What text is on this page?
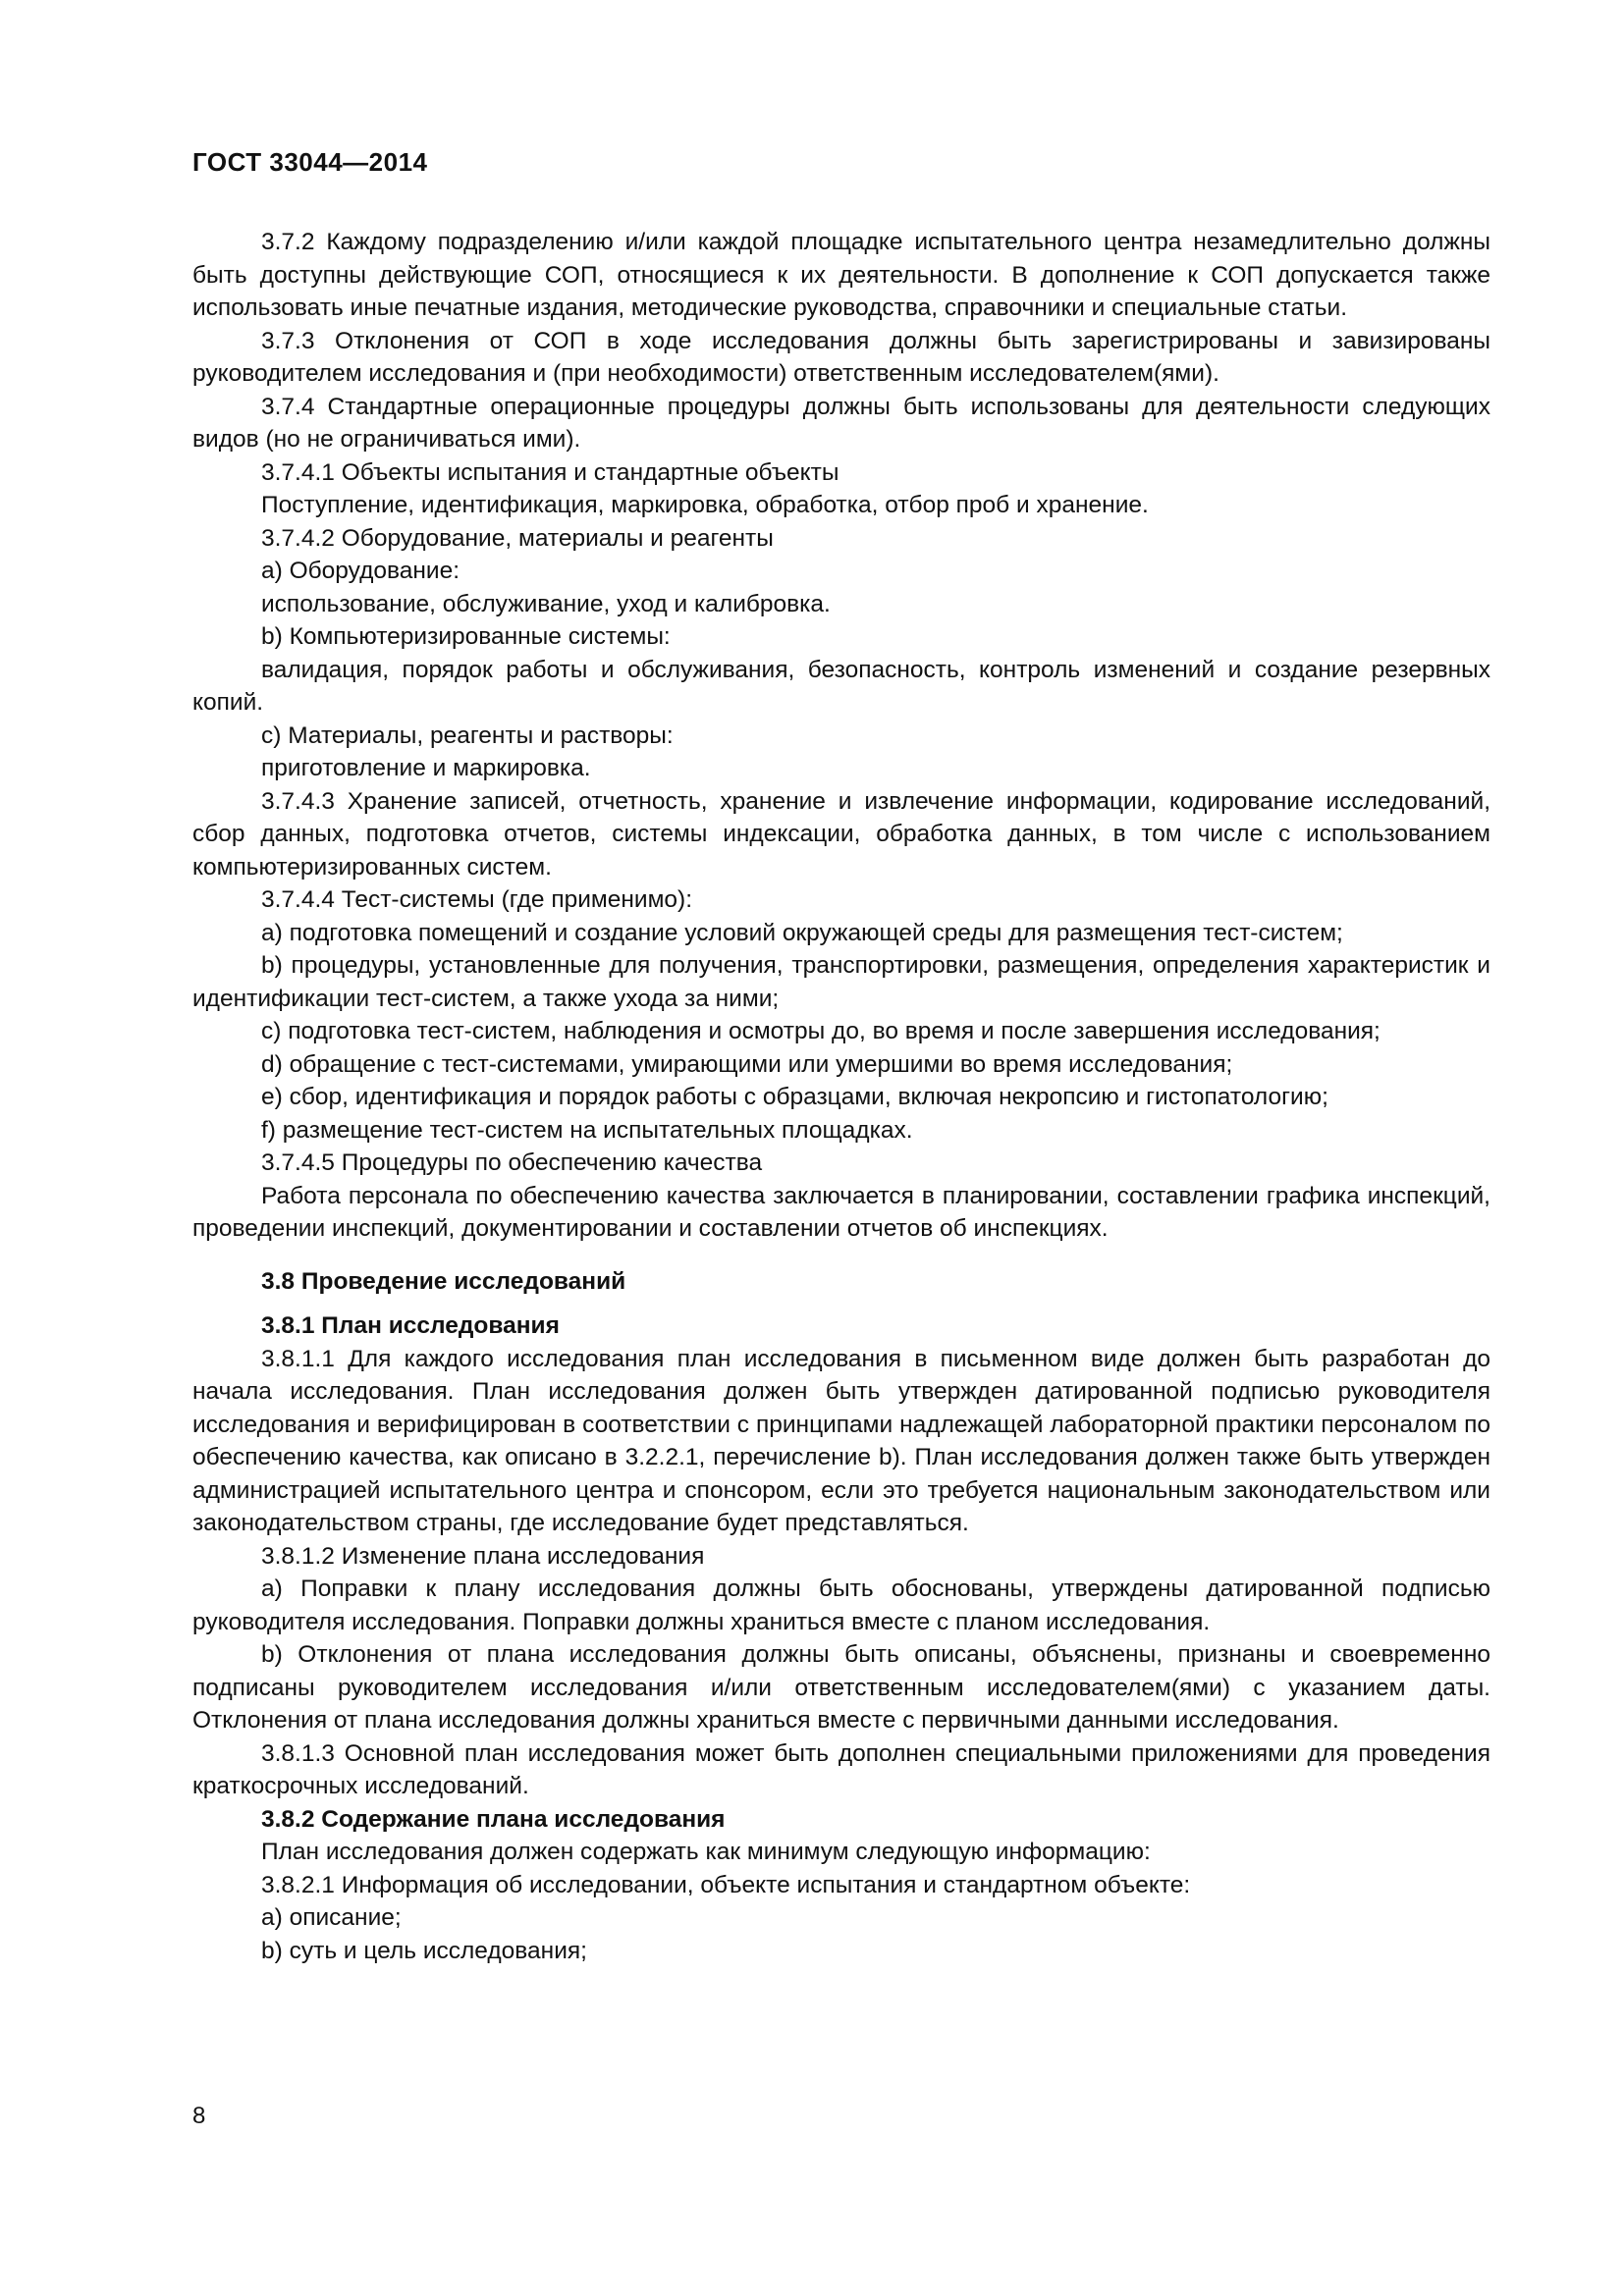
ГОСТ 33044—2014

3.7.2 Каждому подразделению и/или каждой площадке испытательного центра незамедлительно должны быть доступны действующие СОП, относящиеся к их деятельности. В дополнение к СОП допускается также использовать иные печатные издания, методические руководства, справочники и специальные статьи.

3.7.3 Отклонения от СОП в ходе исследования должны быть зарегистрированы и завизированы руководителем исследования и (при необходимости) ответственным исследователем(ями).

3.7.4 Стандартные операционные процедуры должны быть использованы для деятельности следующих видов (но не ограничиваться ими).

3.7.4.1 Объекты испытания и стандартные объекты

Поступление, идентификация, маркировка, обработка, отбор проб и хранение.

3.7.4.2 Оборудование, материалы и реагенты

a) Оборудование:

использование, обслуживание, уход и калибровка.

b) Компьютеризированные системы:

валидация, порядок работы и обслуживания, безопасность, контроль изменений и создание резервных копий.

c) Материалы, реагенты и растворы:

приготовление и маркировка.

3.7.4.3 Хранение записей, отчетность, хранение и извлечение информации, кодирование исследований, сбор данных, подготовка отчетов, системы индексации, обработка данных, в том числе с использованием компьютеризированных систем.

3.7.4.4 Тест-системы (где применимо):

a) подготовка помещений и создание условий окружающей среды для размещения тест-систем;

b) процедуры, установленные для получения, транспортировки, размещения, определения характеристик и идентификации тест-систем, а также ухода за ними;

c) подготовка тест-систем, наблюдения и осмотры до, во время и после завершения исследования;

d) обращение с тест-системами, умирающими или умершими во время исследования;

e) сбор, идентификация и порядок работы с образцами, включая некропсию и гистопатологию;

f) размещение тест-систем на испытательных площадках.

3.7.4.5 Процедуры по обеспечению качества

Работа персонала по обеспечению качества заключается в планировании, составлении графика инспекций, проведении инспекций, документировании и составлении отчетов об инспекциях.

3.8 Проведение исследований

3.8.1 План исследования

3.8.1.1 Для каждого исследования план исследования в письменном виде должен быть разработан до начала исследования. План исследования должен быть утвержден датированной подписью руководителя исследования и верифицирован в соответствии с принципами надлежащей лабораторной практики персоналом по обеспечению качества, как описано в 3.2.2.1, перечисление b). План исследования должен также быть утвержден администрацией испытательного центра и спонсором, если это требуется национальным законодательством или законодательством страны, где исследование будет представляться.

3.8.1.2 Изменение плана исследования

a) Поправки к плану исследования должны быть обоснованы, утверждены датированной подписью руководителя исследования. Поправки должны храниться вместе с планом исследования.

b) Отклонения от плана исследования должны быть описаны, объяснены, признаны и своевременно подписаны руководителем исследования и/или ответственным исследователем(ями) с указанием даты. Отклонения от плана исследования должны храниться вместе с первичными данными исследования.

3.8.1.3 Основной план исследования может быть дополнен специальными приложениями для проведения краткосрочных исследований.

3.8.2 Содержание плана исследования

План исследования должен содержать как минимум следующую информацию:

3.8.2.1 Информация об исследовании, объекте испытания и стандартном объекте:

a) описание;

b) суть и цель исследования;

8
